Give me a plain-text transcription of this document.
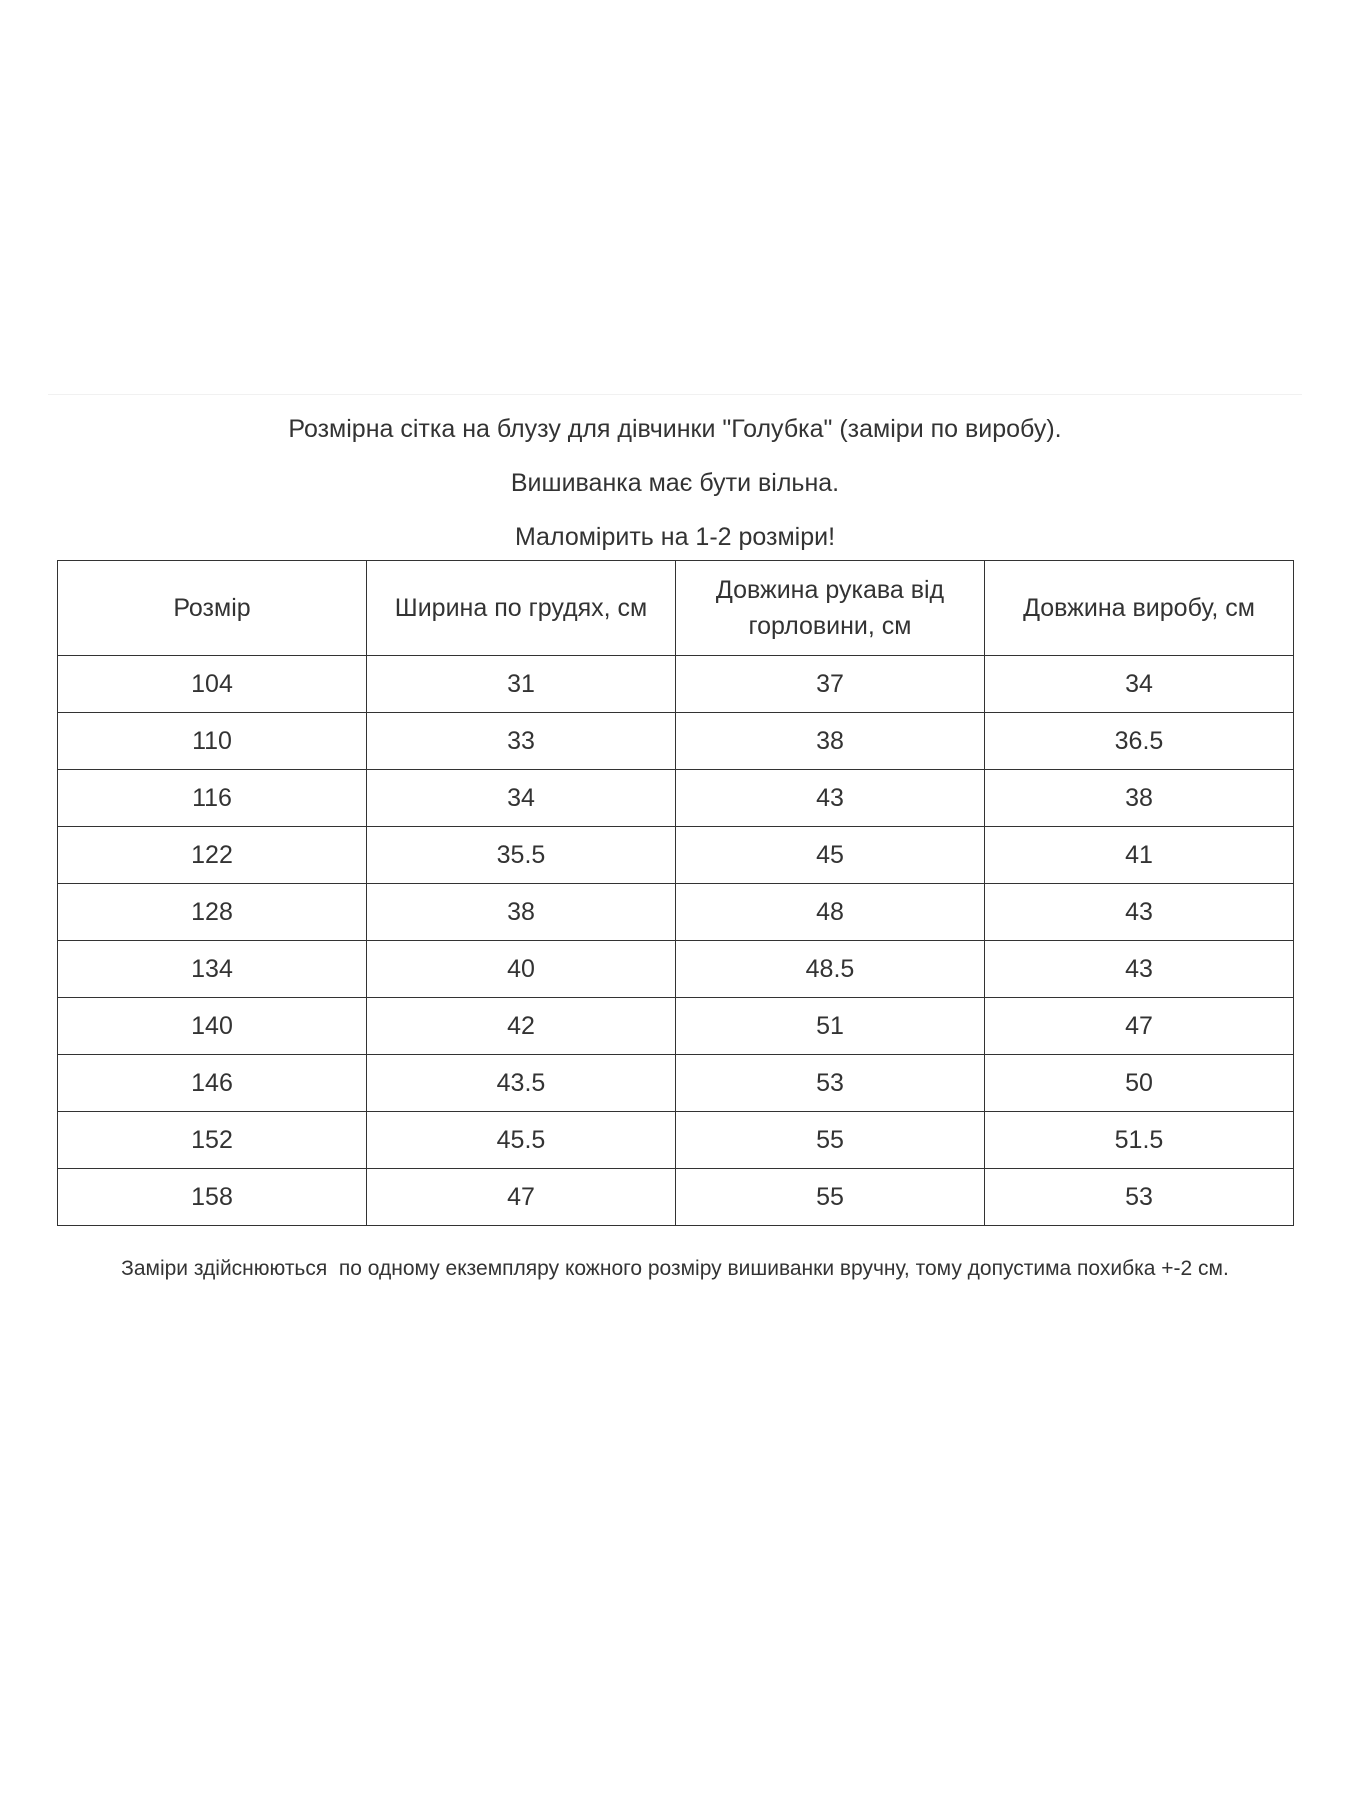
Розмірна сітка на блузу для дівчинки "Голубка" (заміри по виробу).

Вишиванка має бути вільна.

Маломірить на 1-2 розміри!

Розмір	Ширина по грудях, см	Довжина рукава від горловини, см	Довжина виробу, см
104	31	37	34
110	33	38	36.5
116	34	43	38
122	35.5	45	41
128	38	48	43
134	40	48.5	43
140	42	51	47
146	43.5	53	50
152	45.5	55	51.5
158	47	55	53
Заміри здійснюються  по одному екземпляру кожного розміру вишиванки вручну, тому допустима похибка +-2 см.
